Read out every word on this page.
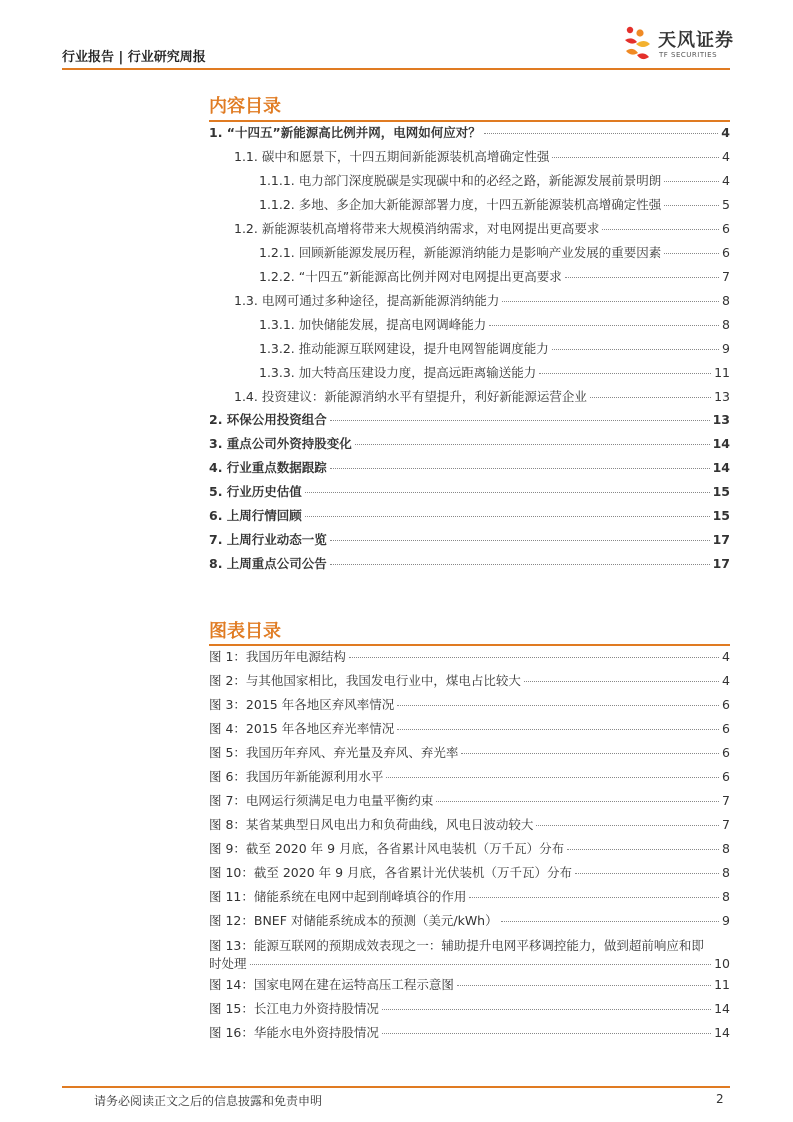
行业报告 | 行业研究周报
天风证券
TF SECURITIES
内容目录
1. “十四五”新能源高比例并网，电网如何应对？	4
1.1. 碳中和愿景下，十四五期间新能源装机高增确定性强	4
1.1.1. 电力部门深度脱碳是实现碳中和的必经之路，新能源发展前景明朗	4
1.1.2. 多地、多企加大新能源部署力度，十四五新能源装机高增确定性强	5
1.2. 新能源装机高增将带来大规模消纳需求，对电网提出更高要求	6
1.2.1. 回顾新能源发展历程，新能源消纳能力是影响产业发展的重要因素	6
1.2.2. “十四五”新能源高比例并网对电网提出更高要求	7
1.3. 电网可通过多种途径，提高新能源消纳能力	8
1.3.1. 加快储能发展，提高电网调峰能力	8
1.3.2. 推动能源互联网建设，提升电网智能调度能力	9
1.3.3. 加大特高压建设力度，提高远距离输送能力	11
1.4. 投资建议：新能源消纳水平有望提升，利好新能源运营企业	13
2. 环保公用投资组合	13
3. 重点公司外资持股变化	14
4. 行业重点数据跟踪	14
5. 行业历史估值	15
6. 上周行情回顾	15
7. 上周行业动态一览	17
8. 上周重点公司公告	17
图表目录
图 1：我国历年电源结构	4
图 2：与其他国家相比，我国发电行业中，煤电占比较大	4
图 3：2015 年各地区弃风率情况	6
图 4：2015 年各地区弃光率情况	6
图 5：我国历年弃风、弃光量及弃风、弃光率	6
图 6：我国历年新能源利用水平	6
图 7：电网运行须满足电力电量平衡约束	7
图 8：某省某典型日风电出力和负荷曲线，风电日波动较大	7
图 9：截至 2020 年 9 月底，各省累计风电装机（万千瓦）分布	8
图 10：截至 2020 年 9 月底，各省累计光伏装机（万千瓦）分布	8
图 11：储能系统在电网中起到削峰填谷的作用	8
图 12：BNEF 对储能系统成本的预测（美元/kWh）	9
图 13：能源互联网的预期成效表现之一：辅助提升电网平移调控能力，做到超前响应和即
时处理	10
图 14：国家电网在建在运特高压工程示意图	11
图 15：长江电力外资持股情况	14
图 16：华能水电外资持股情况	14
请务必阅读正文之后的信息披露和免责申明	2
